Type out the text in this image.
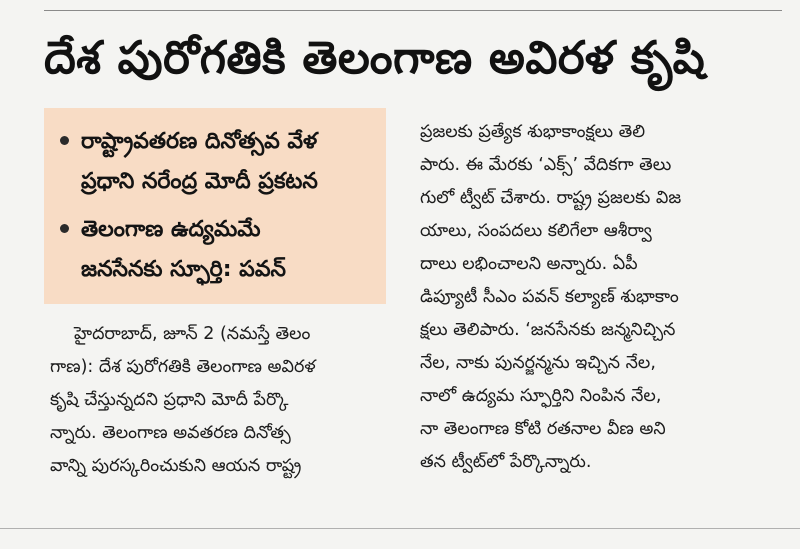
దేశ పురోగతికి తెలంగాణ అవిరళ కృషి
రాష్ట్రావతరణ దినోత్సవ వేళ
ప్రధాని నరేంద్ర మోదీ ప్రకటన
తెలంగాణ ఉద్యమమే
జనసేనకు స్ఫూర్తి: పవన్
హైదరాబాద్, జూన్ 2 (నమస్తే తెలం
గాణ): దేశ పురోగతికి తెలంగాణ అవిరళ
కృషి చేస్తున్నదని ప్రధాని మోదీ పేర్కొ
న్నారు. తెలంగాణ అవతరణ దినోత్స
వాన్ని పురస్కరించుకుని ఆయన రాష్ట్ర
ప్రజలకు ప్రత్యేక శుభాకాంక్షలు తెలి
పారు. ఈ మేరకు ‘ఎక్స్’ వేదికగా తెలు
గులో ట్వీట్ చేశారు. రాష్ట్ర ప్రజలకు విజ
యాలు, సంపదలు కలిగేలా ఆశీర్వా
దాలు లభించాలని అన్నారు. ఏపీ
డిప్యూటీ సీఎం పవన్ కల్యాణ్ శుభాకాం
క్షలు తెలిపారు. ‘జనసేనకు జన్మనిచ్చిన
నేల, నాకు పునర్జన్మను ఇచ్చిన నేల,
నాలో ఉద్యమ స్ఫూర్తిని నింపిన నేల,
నా తెలంగాణ కోటి రతనాల వీణ అని
తన ట్వీట్‌లో పేర్కొన్నారు.
